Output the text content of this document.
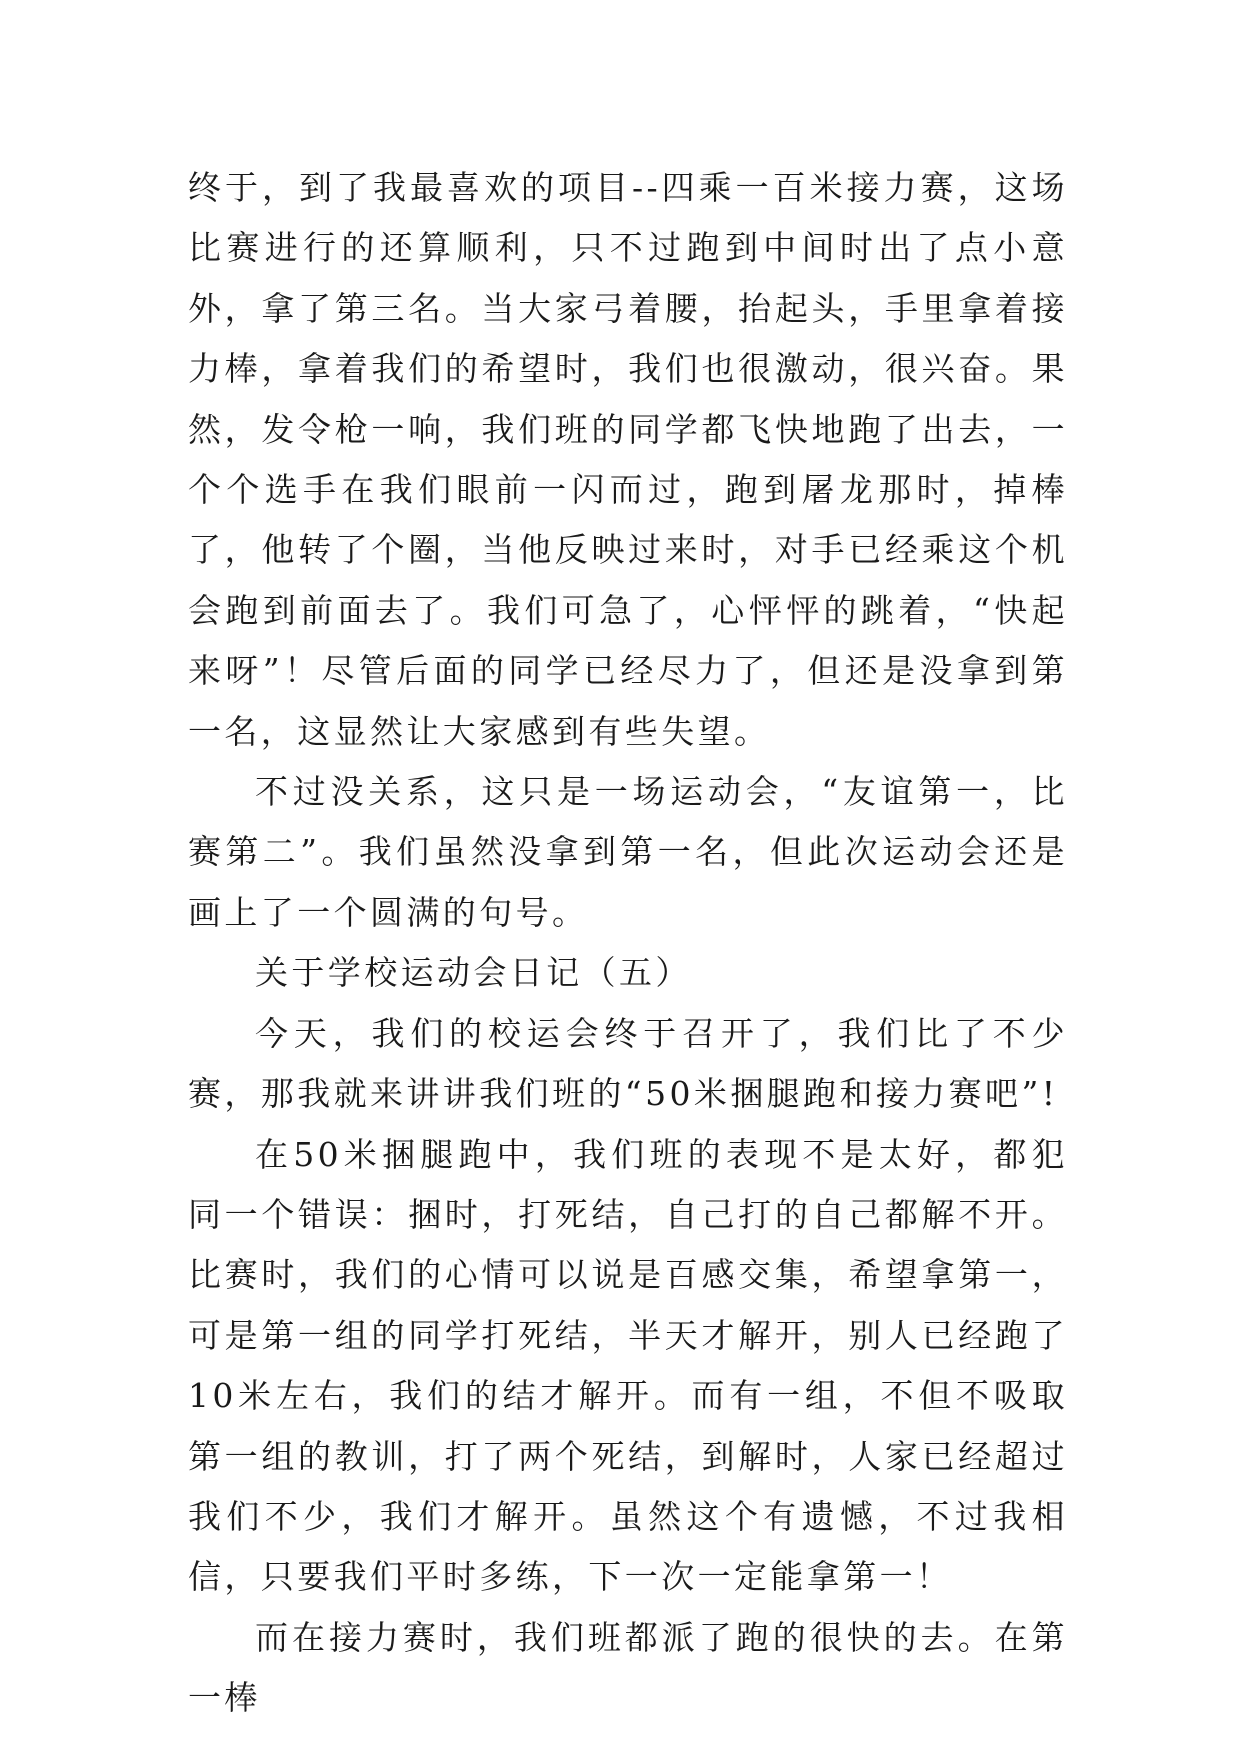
终于，到了我最喜欢的项目--四乘一百米接力赛，这场比赛进行的还算顺利，只不过跑到中间时出了点小意外，拿了第三名。当大家弓着腰，抬起头，手里拿着接力棒，拿着我们的希望时，我们也很激动，很兴奋。果然，发令枪一响，我们班的同学都飞快地跑了出去，一个个选手在我们眼前一闪而过，跑到屠龙那时，掉棒了，他转了个圈，当他反映过来时，对手已经乘这个机会跑到前面去了。我们可急了，心怦怦的跳着，“快起来呀”！尽管后面的同学已经尽力了，但还是没拿到第一名，这显然让大家感到有些失望。

不过没关系，这只是一场运动会，“友谊第一，比赛第二”。我们虽然没拿到第一名，但此次运动会还是画上了一个圆满的句号。

关于学校运动会日记（五）

今天，我们的校运会终于召开了，我们比了不少赛，那我就来讲讲我们班的“50米捆腿跑和接力赛吧”!

在50米捆腿跑中，我们班的表现不是太好，都犯同一个错误：捆时，打死结，自己打的自己都解不开。比赛时，我们的心情可以说是百感交集，希望拿第一，可是第一组的同学打死结，半天才解开，别人已经跑了10米左右，我们的结才解开。而有一组，不但不吸取第一组的教训，打了两个死结，到解时，人家已经超过我们不少，我们才解开。虽然这个有遗憾，不过我相信，只要我们平时多练，下一次一定能拿第一！

而在接力赛时，我们班都派了跑的很快的去。在第一棒
